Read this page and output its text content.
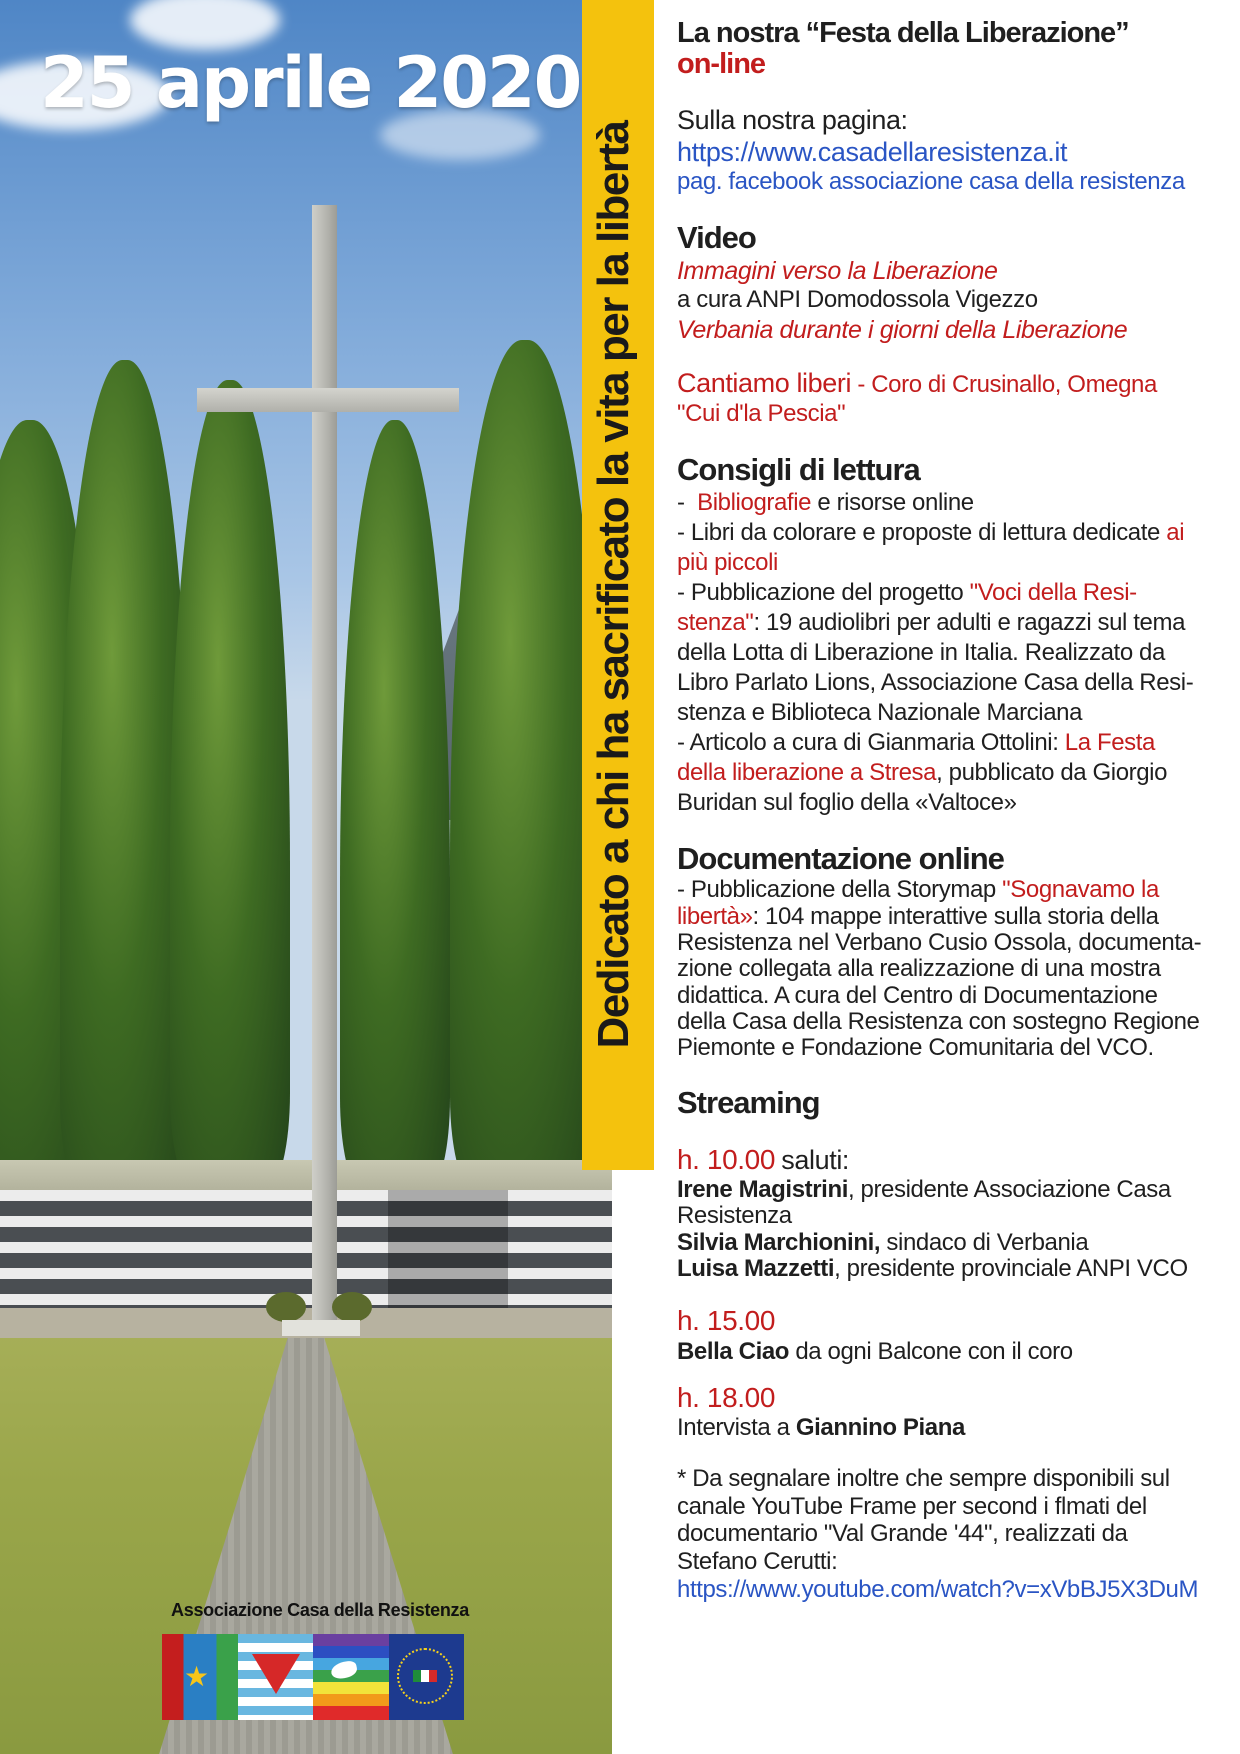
25 aprile 2020
Associazione Casa della Resistenza
★
Dedicato a chi ha sacrificato la vita per la libertà
La nostra “Festa della Liberazione”
on-line
Sulla nostra pagina:
https://www.casadellaresistenza.it
pag. facebook associazione casa della resistenza
Video
Immagini verso la Liberazione
a cura ANPI Domodossola Vigezzo
Verbania durante i giorni della Liberazione
Cantiamo liberi - Coro di Crusinallo, Omegna
"Cui d'la Pescia"
Consigli di lettura
- Bibliografie e risorse online
- Libri da colorare e proposte di lettura dedicate ai
più piccoli
- Pubblicazione del progetto "Voci della Resi-
stenza": 19 audiolibri per adulti e ragazzi sul tema
della Lotta di Liberazione in Italia. Realizzato da
Libro Parlato Lions, Associazione Casa della Resi-
stenza e Biblioteca Nazionale Marciana
- Articolo a cura di Gianmaria Ottolini: La Festa
della liberazione a Stresa, pubblicato da Giorgio
Buridan sul foglio della «Valtoce»
Documentazione online
- Pubblicazione della Storymap "Sognavamo la
libertà»: 104 mappe interattive sulla storia della
Resistenza nel Verbano Cusio Ossola, documenta-
zione collegata alla realizzazione di una mostra
didattica. A cura del Centro di Documentazione
della Casa della Resistenza con sostegno Regione
Piemonte e Fondazione Comunitaria del VCO.
Streaming
h. 10.00 saluti:
Irene Magistrini, presidente Associazione Casa
Resistenza
Silvia Marchionini, sindaco di Verbania
Luisa Mazzetti, presidente provinciale ANPI VCO
h. 15.00
Bella Ciao da ogni Balcone con il coro
h. 18.00
Intervista a Giannino Piana
* Da segnalare inoltre che sempre disponibili sul
canale YouTube Frame per second i flmati del
documentario "Val Grande '44", realizzati da
Stefano Cerutti:
https://www.youtube.com/watch?v=xVbBJ5X3DuM
